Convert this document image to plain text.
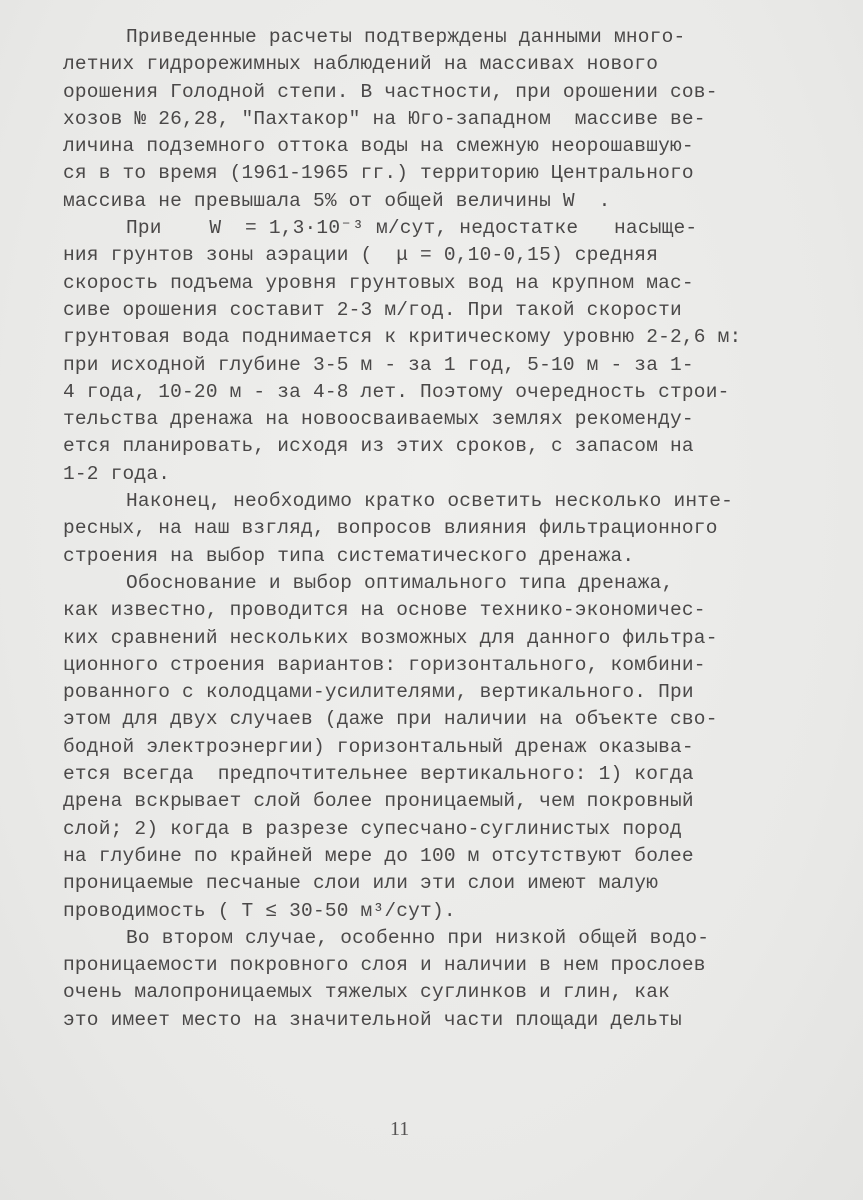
Приведенные расчеты подтверждены данными много-
летних гидрорежимных наблюдений на массивах нового
орошения Голодной степи. В частности, при орошении сов-
хозов № 26,28, "Пахтакор" на Юго-западном  массиве ве-
личина подземного оттока воды на смежную неорошавшую-
ся в то время (1961-1965 гг.) территорию Центрального
массива не превышала 5% от общей величины W  .
При    W  = 1,3·10⁻³ м/сут, недостатке   насыще-
ния грунтов зоны аэрации (  μ = 0,10-0,15) средняя
скорость подъема уровня грунтовых вод на крупном мас-
сиве орошения составит 2-3 м/год. При такой скорости
грунтовая вода поднимается к критическому уровню 2-2,6 м:
при исходной глубине 3-5 м - за 1 год, 5-10 м - за 1-
4 года, 10-20 м - за 4-8 лет. Поэтому очередность строи-
тельства дренажа на новоосваиваемых землях рекоменду-
ется планировать, исходя из этих сроков, с запасом на
1-2 года.
Наконец, необходимо кратко осветить несколько инте-
ресных, на наш взгляд, вопросов влияния фильтрационного
строения на выбор типа систематического дренажа.
Обоснование и выбор оптимального типа дренажа,
как известно, проводится на основе технико-экономичес-
ких сравнений нескольких возможных для данного фильтра-
ционного строения вариантов: горизонтального, комбини-
рованного с колодцами-усилителями, вертикального. При
этом для двух случаев (даже при наличии на объекте сво-
бодной электроэнергии) горизонтальный дренаж оказыва-
ется всегда  предпочтительнее вертикального: 1) когда
дрена вскрывает слой более проницаемый, чем покровный
слой; 2) когда в разрезе супесчано-суглинистых пород
на глубине по крайней мере до 100 м отсутствуют более
проницаемые песчаные слои или эти слои имеют малую
проводимость ( T ≤ 30-50 м³/сут).
Во втором случае, особенно при низкой общей водо-
проницаемости покровного слоя и наличии в нем прослоев
очень малопроницаемых тяжелых суглинков и глин, как
это имеет место на значительной части площади дельты
11
